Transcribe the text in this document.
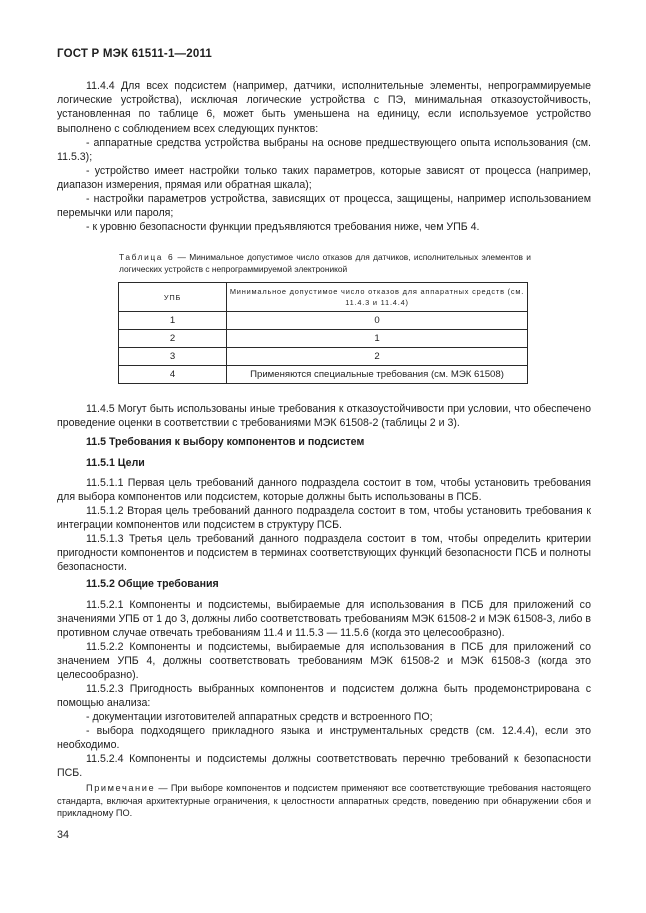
ГОСТ Р МЭК 61511-1—2011

11.4.4 Для всех подсистем (например, датчики, исполнительные элементы, непрограммируемые логические устройства), исключая логические устройства с ПЭ, минимальная отказоустойчивость, установленная по таблице 6, может быть уменьшена на единицу, если используемое устройство выполнено с соблюдением всех следующих пунктов:

- аппаратные средства устройства выбраны на основе предшествующего опыта использования (см. 11.5.3);

- устройство имеет настройки только таких параметров, которые зависят от процесса (например, диапазон измерения, прямая или обратная шкала);

- настройки параметров устройства, зависящих от процесса, защищены, например использованием перемычки или пароля;

- к уровню безопасности функции предъявляются требования ниже, чем УПБ 4.

Таблица 6 — Минимальное допустимое число отказов для датчиков, исполнительных элементов и логических устройств с непрограммируемой электроникой

УПБ	Минимальное допустимое число отказов для аппаратных средств (см. 11.4.3 и 11.4.4)
1	0
2	1
3	2
4	Применяются специальные требования (см. МЭК 61508)

11.4.5 Могут быть использованы иные требования к отказоустойчивости при условии, что обеспечено проведение оценки в соответствии с требованиями МЭК 61508-2 (таблицы 2 и 3).

11.5 Требования к выбору компонентов и подсистем

11.5.1 Цели

11.5.1.1 Первая цель требований данного подраздела состоит в том, чтобы установить требования для выбора компонентов или подсистем, которые должны быть использованы в ПСБ.

11.5.1.2 Вторая цель требований данного подраздела состоит в том, чтобы установить требования к интеграции компонентов или подсистем в структуру ПСБ.

11.5.1.3 Третья цель требований данного подраздела состоит в том, чтобы определить критерии пригодности компонентов и подсистем в терминах соответствующих функций безопасности ПСБ и полноты безопасности.

11.5.2 Общие требования

11.5.2.1 Компоненты и подсистемы, выбираемые для использования в ПСБ для приложений со значениями УПБ от 1 до 3, должны либо соответствовать требованиям МЭК 61508-2 и МЭК 61508-3, либо в противном случае отвечать требованиям 11.4 и 11.5.3 — 11.5.6 (когда это целесообразно).

11.5.2.2 Компоненты и подсистемы, выбираемые для использования в ПСБ для приложений со значением УПБ 4, должны соответствовать требованиям МЭК 61508-2 и МЭК 61508-3 (когда это целесообразно).

11.5.2.3 Пригодность выбранных компонентов и подсистем должна быть продемонстрирована с помощью анализа:

- документации изготовителей аппаратных средств и встроенного ПО;

- выбора подходящего прикладного языка и инструментальных средств (см. 12.4.4), если это необходимо.

11.5.2.4 Компоненты и подсистемы должны соответствовать перечню требований к безопасности ПСБ.

Примечание — При выборе компонентов и подсистем применяют все соответствующие требования настоящего стандарта, включая архитектурные ограничения, к целостности аппаратных средств, поведению при обнаружении сбоя и прикладному ПО.

34
